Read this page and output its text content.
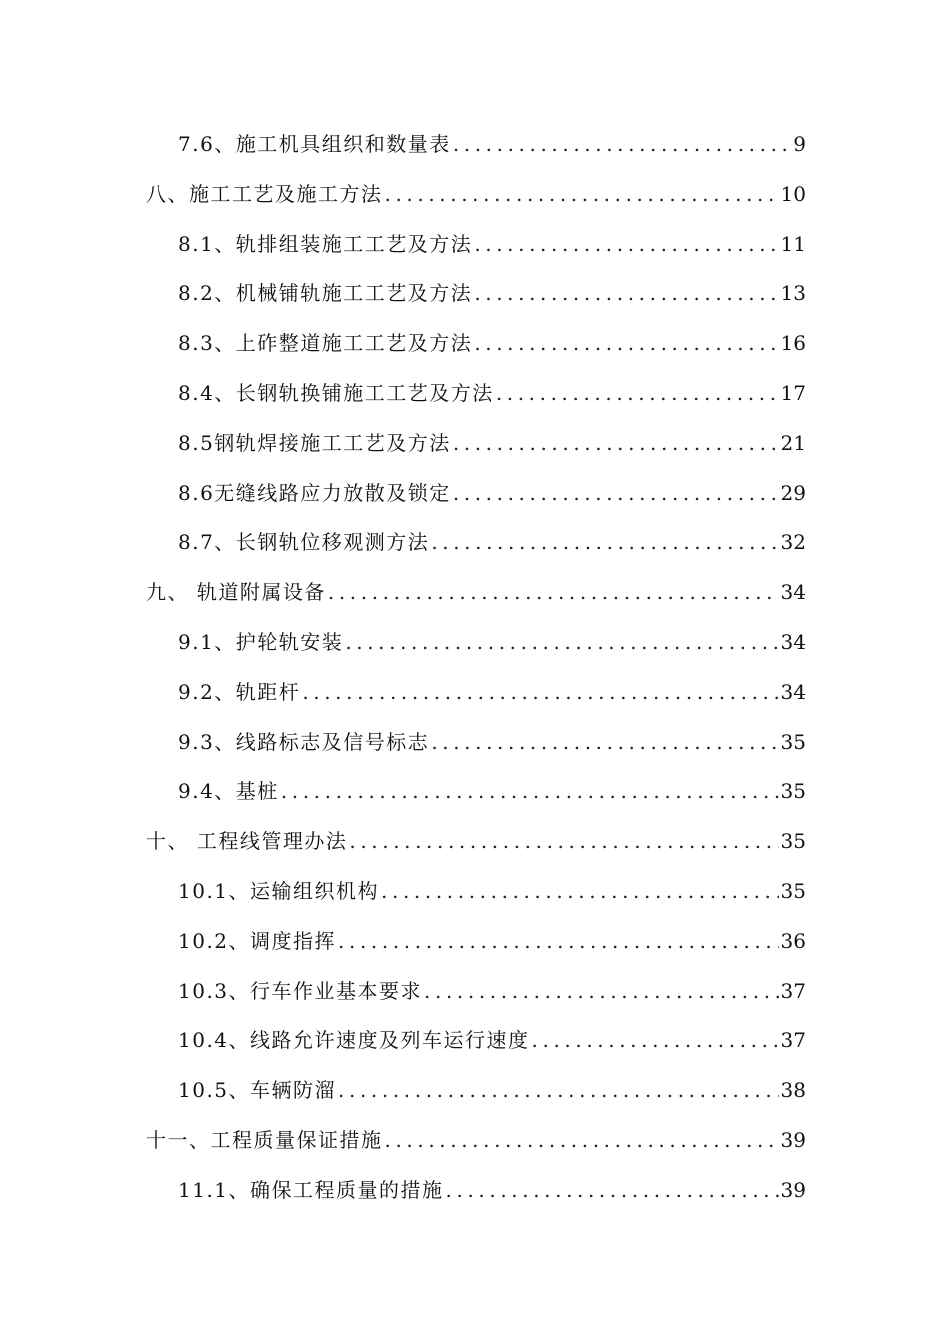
7.6、施工机具组织和数量表 .....	9
八、施工工艺及施工方法 .....	10
8.1、轨排组装施工工艺及方法 .....	11
8.2、机械铺轨施工工艺及方法 .....	13
8.3、上砟整道施工工艺及方法 .....	16
8.4、长钢轨换铺施工工艺及方法 .....	17
8.5钢轨焊接施工工艺及方法 .....	21
8.6无缝线路应力放散及锁定 .....	29
8.7、长钢轨位移观测方法 .....	32
九、 轨道附属设备 .....	34
9.1、护轮轨安装 .....	34
9.2、轨距杆 .....	34
9.3、线路标志及信号标志 .....	35
9.4、基桩 .....	35
十、 工程线管理办法 .....	35
10.1、运输组织机构 .....	35
10.2、调度指挥 .....	36
10.3、行车作业基本要求 .....	37
10.4、线路允许速度及列车运行速度 .....	37
10.5、车辆防溜 .....	38
十一、工程质量保证措施 .....	39
11.1、确保工程质量的措施 .....	39
